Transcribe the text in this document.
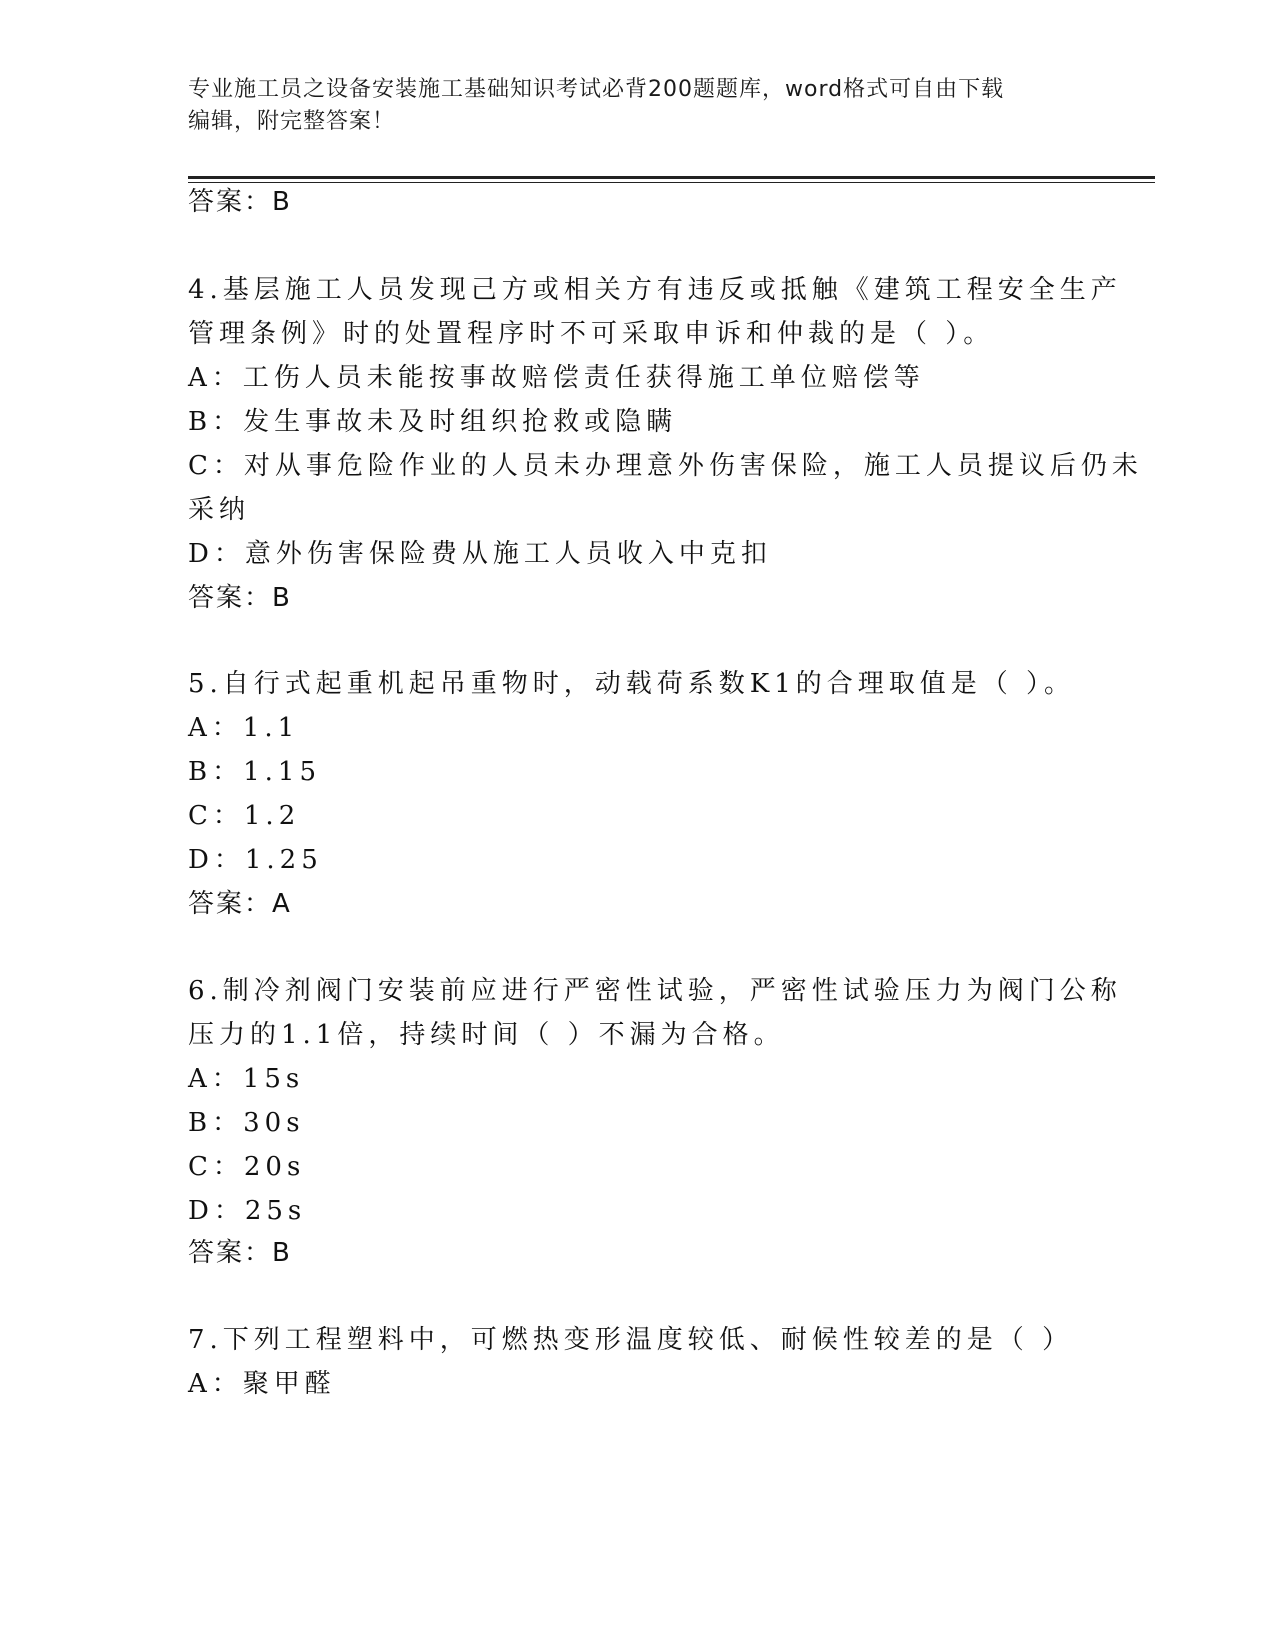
专业施工员之设备安装施工基础知识考试必背200题题库，word格式可自由下载
编辑，附完整答案！
答案：B
4.基层施工人员发现己方或相关方有违反或抵触《建筑工程安全生产
管理条例》时的处置程序时不可采取申诉和仲裁的是（ ）。
A：工伤人员未能按事故赔偿责任获得施工单位赔偿等
B：发生事故未及时组织抢救或隐瞒
C：对从事危险作业的人员未办理意外伤害保险，施工人员提议后仍未
采纳
D：意外伤害保险费从施工人员收入中克扣
答案：B
5.自行式起重机起吊重物时，动载荷系数K1的合理取值是（ ）。
A：1.1
B：1.15
C：1.2
D：1.25
答案：A
6.制冷剂阀门安装前应进行严密性试验，严密性试验压力为阀门公称
压力的1.1倍，持续时间（ ）不漏为合格。
A：15s
B：30s
C：20s
D：25s
答案：B
7.下列工程塑料中，可燃热变形温度较低、耐候性较差的是（ ）
A：聚甲醛
